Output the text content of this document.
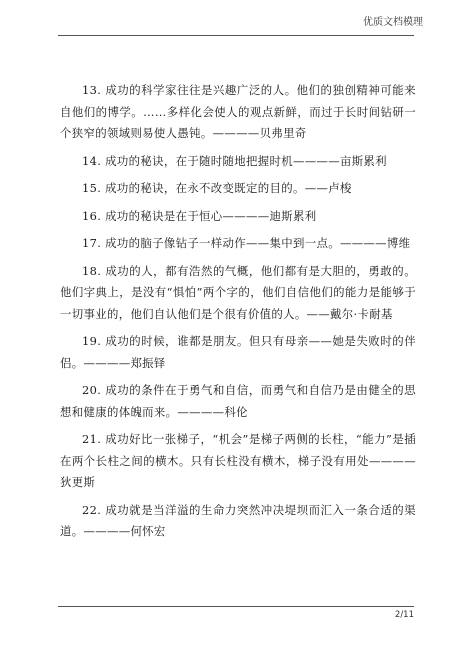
优质文档模理

13. 成功的科学家往往是兴趣广泛的人。他们的独创精神可能来自他们的博学。……多样化会使人的观点新鲜，而过于长时间钻研一个狭窄的领域则易使人愚钝。————贝弗里奇

14. 成功的秘诀，在于随时随地把握时机————亩斯累利

15. 成功的秘诀，在永不改变既定的目的。——卢梭

16. 成功的秘诀是在于恒心————迪斯累利

17. 成功的脑子像钻子一样动作——集中到一点。————博维

18. 成功的人，都有浩然的气概，他们都有是大胆的，勇敢的。他们字典上，是没有“惧怕”两个字的，他们自信他们的能力是能够于一切事业的，他们自认他们是个很有价值的人。——戴尔·卡耐基

19. 成功的时候，谁都是朋友。但只有母亲——她是失败时的伴侣。————郑振铎

20. 成功的条件在于勇气和自信，而勇气和自信乃是由健全的思想和健康的体魄而来。————科伦

21. 成功好比一张梯子，“机会”是梯子两侧的长柱，“能力”是插在两个长柱之间的横木。只有长柱没有横木，梯子没有用处————狄更斯

22. 成功就是当洋溢的生命力突然冲决堤坝而汇入一条合适的渠道。————何怀宏

2/11
